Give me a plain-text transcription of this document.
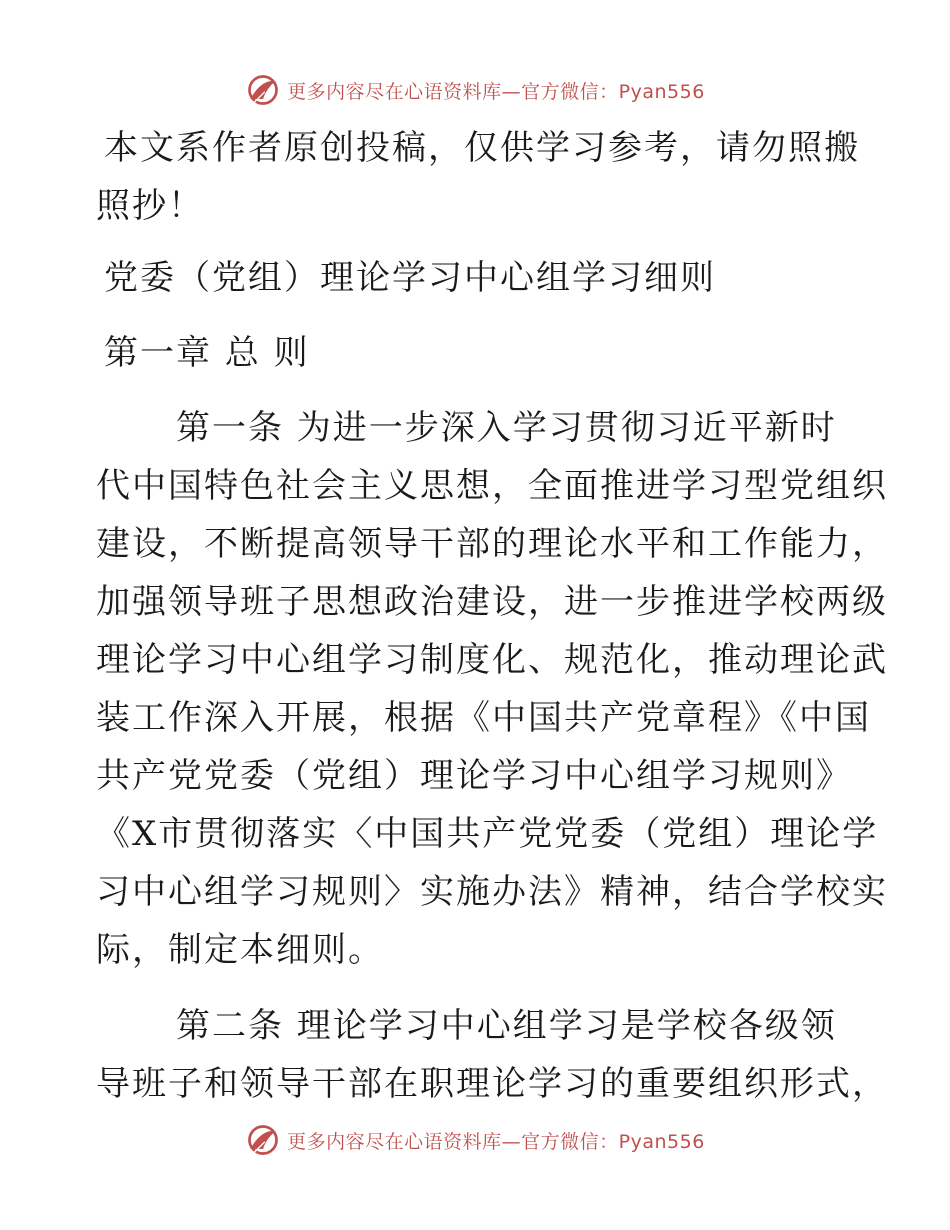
更多内容尽在心语资料库—官方微信：Pyan556
本文系作者原创投稿，仅供学习参考，请勿照搬
照抄！
党委（党组）理论学习中心组学习细则
第一章 总 则
第一条 为进一步深入学习贯彻习近平新时
代中国特色社会主义思想，全面推进学习型党组织
建设，不断提高领导干部的理论水平和工作能力，
加强领导班子思想政治建设，进一步推进学校两级
理论学习中心组学习制度化、规范化，推动理论武
装工作深入开展，根据《中国共产党章程》《中国
共产党党委（党组）理论学习中心组学习规则》
《X市贯彻落实〈中国共产党党委（党组）理论学
习中心组学习规则〉实施办法》精神，结合学校实
际，制定本细则。
第二条 理论学习中心组学习是学校各级领
导班子和领导干部在职理论学习的重要组织形式，
更多内容尽在心语资料库—官方微信：Pyan556
